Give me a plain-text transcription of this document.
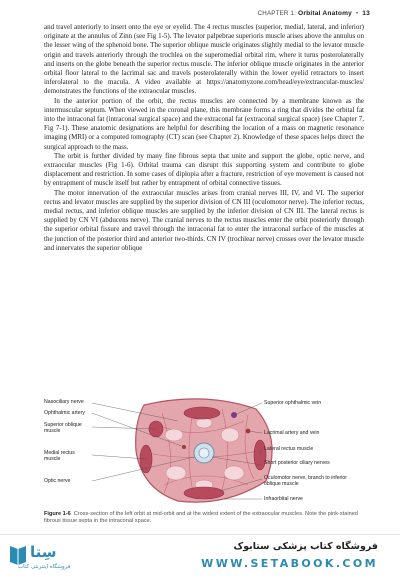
CHAPTER 1: Orbital Anatomy • 13

and travel anteriorly to insert onto the eye or eyelid. The 4 rectus muscles (superior, medial, lateral, and inferior) originate at the annulus of Zinn (see Fig 1-5). The levator palpebrae superioris muscle arises above the annulus on the lesser wing of the sphenoid bone. The superior oblique muscle originates slightly medial to the levator muscle origin and travels anteriorly through the trochlea on the superomedial orbital rim, where it turns posterolaterally and inserts on the globe beneath the superior rectus muscle. The inferior oblique muscle originates in the anterior orbital floor lateral to the lacrimal sac and travels posterolaterally within the lower eyelid retractors to insert inferolateral to the macula. A video available at https://anatomyzone.com/head/eye/extraocular-muscles/ demonstrates the functions of the extraocular muscles.

In the anterior portion of the orbit, the rectus muscles are connected by a membrane known as the intermuscular septum. When viewed in the coronal plane, this membrane forms a ring that divides the orbital fat into the intraconal fat (intraconal surgical space) and the extraconal fat (extraconal surgical space) (see Chapter 7, Fig 7-1). These anatomic designations are helpful for describing the location of a mass on magnetic resonance imaging (MRI) or a computed tomography (CT) scan (see Chapter 2). Knowledge of these spaces helps direct the surgical approach to the mass.

The orbit is further divided by many fine fibrous septa that unite and support the globe, optic nerve, and extraocular muscles (Fig 1-6). Orbital trauma can disrupt this supporting system and contribute to globe displacement and restriction. In some cases of diplopia after a fracture, restriction of eye movement is caused not by entrapment of muscle itself but rather by entrapment of orbital connective tissues.

The motor innervation of the extraocular muscles arises from cranial nerves III, IV, and VI. The superior rectus and levator muscles are supplied by the superior division of CN III (oculomotor nerve). The inferior rectus, medial rectus, and inferior oblique muscles are supplied by the inferior division of CN III. The lateral rectus is supplied by CN VI (abducens nerve). The cranial nerves to the rectus muscles enter the orbit posteriorly through the superior orbital fissure and travel through the intraconal fat to enter the intraconal surface of the muscles at the junction of the posterior third and anterior two-thirds. CN IV (trochlear nerve) crosses over the levator muscle and innervates the superior oblique

Nasociliary nerve
Ophthalmic artery
Superior oblique muscle
Medial rectus muscle
Optic nerve
Superior ophthalmic vein
Lacrimal artery and vein
Lateral rectus muscle
Short posterior ciliary nerves
Oculomotor nerve, branch to inferior oblique muscle
Infraorbital nerve
Figure 1-6 Cross-section of the left orbit at mid-orbit and at the widest extent of the extraocular muscles. Note the pink-stained fibrous tissue septa in the intraconal space.
سِتا
فروشگاه اینترنتی کتاب
فروشگاه کتاب پزشکی ستابوک
WWW.SETABOOK.COM
